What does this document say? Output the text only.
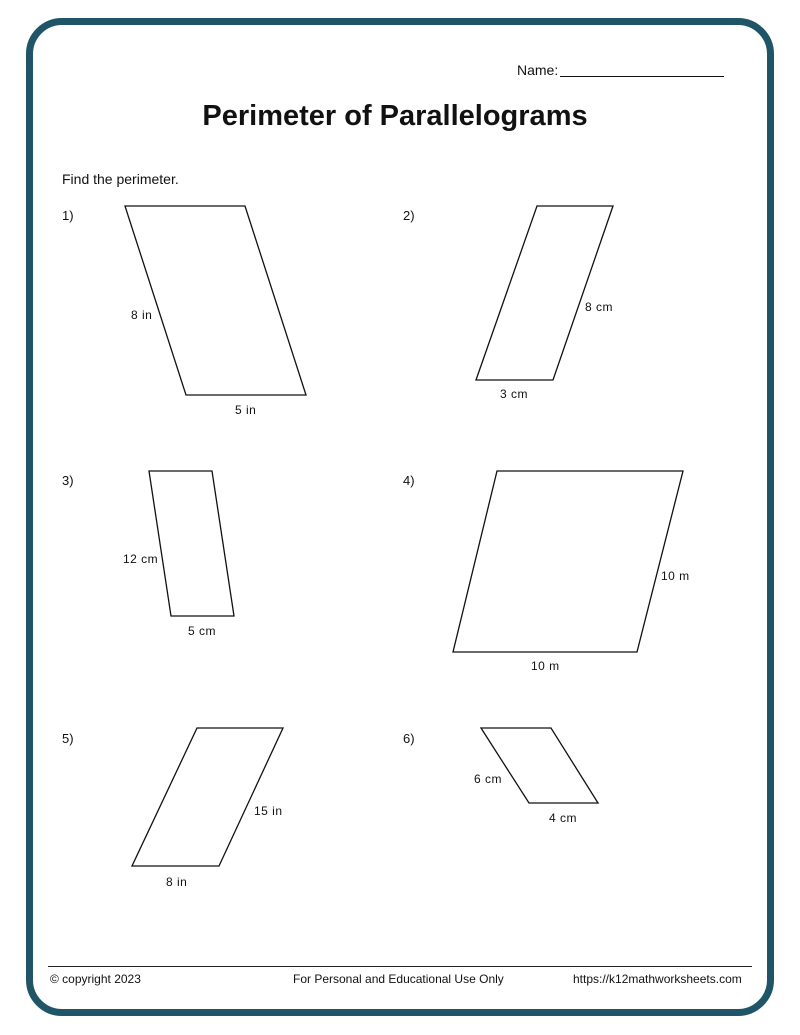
Name:
Perimeter of Parallelograms
Find the perimeter.
1)
8 in
5 in
2)
8 cm
3 cm
3)
12 cm
5 cm
4)
10 m
10 m
5)
15 in
8 in
6)
6 cm
4 cm
© copyright 2023	For Personal and Educational Use Only	https://k12mathworksheets.com
